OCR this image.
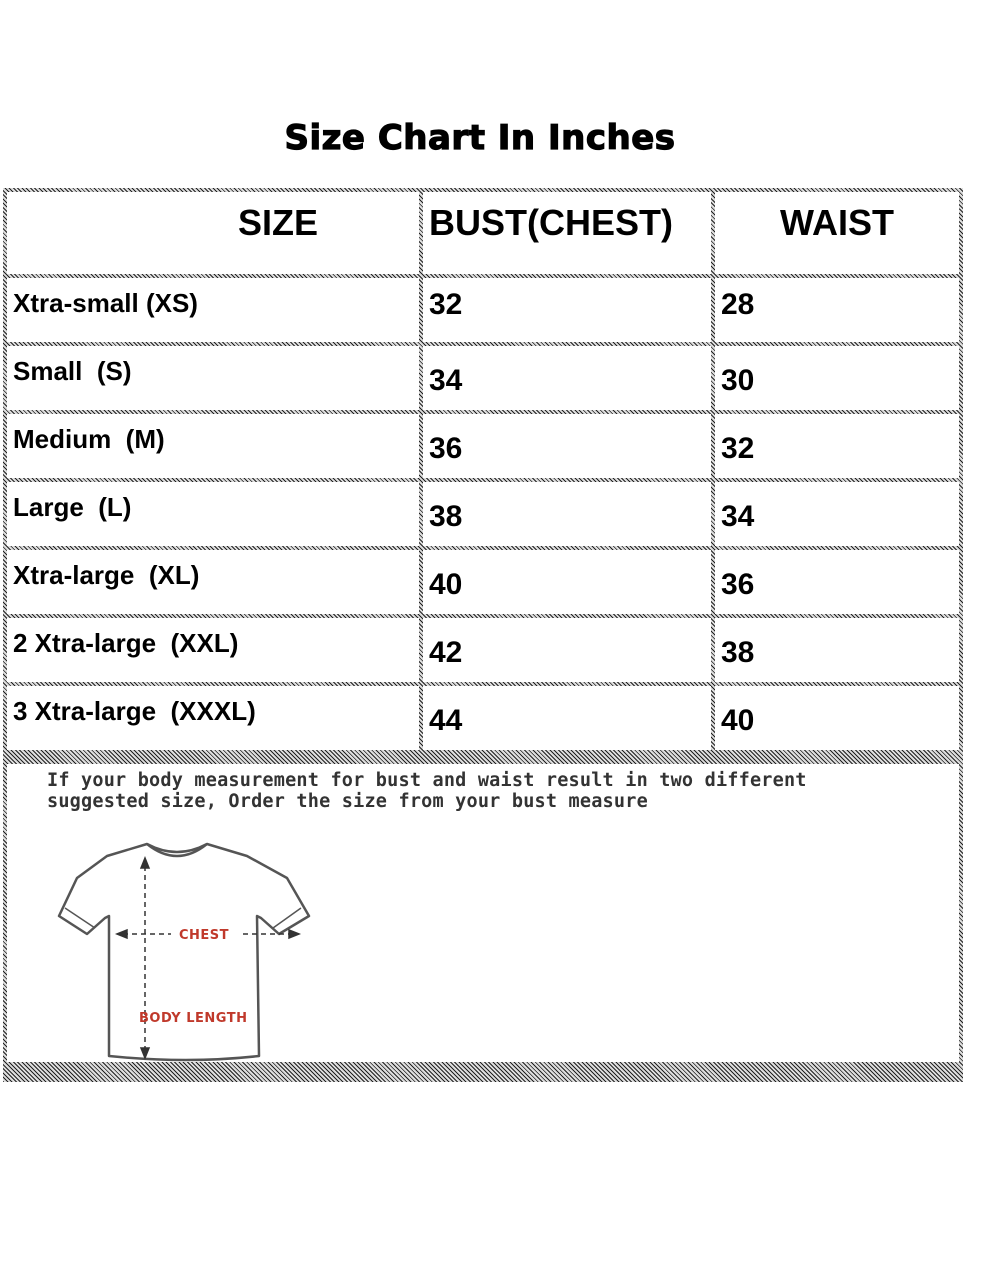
Size Chart In Inches
SIZE	BUST(CHEST)	WAIST
Xtra-small (XS)	32	28
Small  (S)	34	30
Medium  (M)	36	32
Large  (L)	38	34
Xtra-large  (XL)	40	36
2 Xtra-large  (XXL)	42	38
3 Xtra-large  (XXXL)	44	40
If your body measurement for bust and waist result in two different
suggested size, Order the size from your bust measure
CHEST
BODY LENGTH
